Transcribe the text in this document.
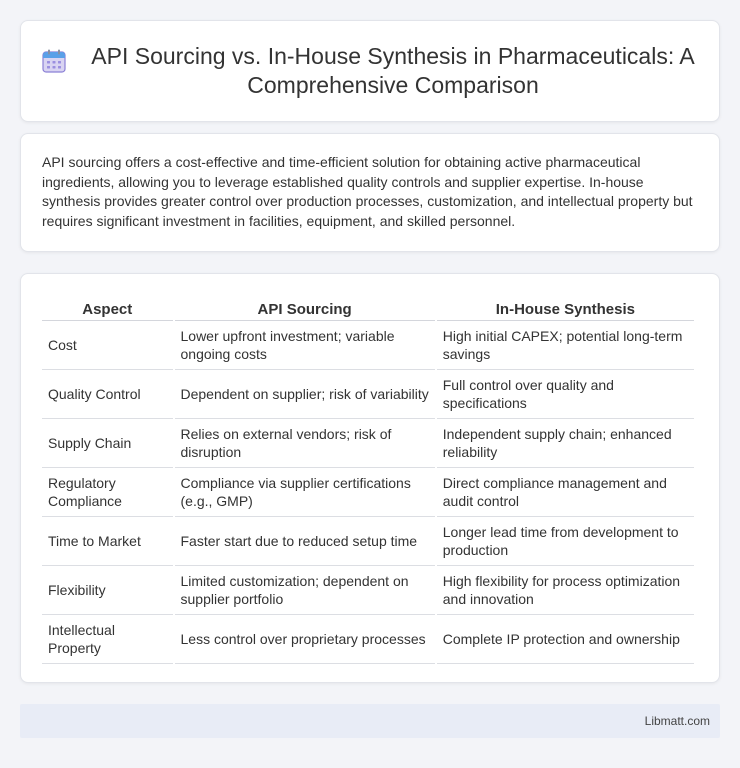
API Sourcing vs. In-House Synthesis in Pharmaceuticals: A Comprehensive Comparison

API sourcing offers a cost-effective and time-efficient solution for obtaining active pharmaceutical ingredients, allowing you to leverage established quality controls and supplier expertise. In-house synthesis provides greater control over production processes, customization, and intellectual property but requires significant investment in facilities, equipment, and skilled personnel.

Aspect	API Sourcing	In-House Synthesis
Cost	Lower upfront investment; variable ongoing costs	High initial CAPEX; potential long-term savings
Quality Control	Dependent on supplier; risk of variability	Full control over quality and specifications
Supply Chain	Relies on external vendors; risk of disruption	Independent supply chain; enhanced reliability
Regulatory Compliance	Compliance via supplier certifications (e.g., GMP)	Direct compliance management and audit control
Time to Market	Faster start due to reduced setup time	Longer lead time from development to production
Flexibility	Limited customization; dependent on supplier portfolio	High flexibility for process optimization and innovation
Intellectual Property	Less control over proprietary processes	Complete IP protection and ownership
Libmatt.com
